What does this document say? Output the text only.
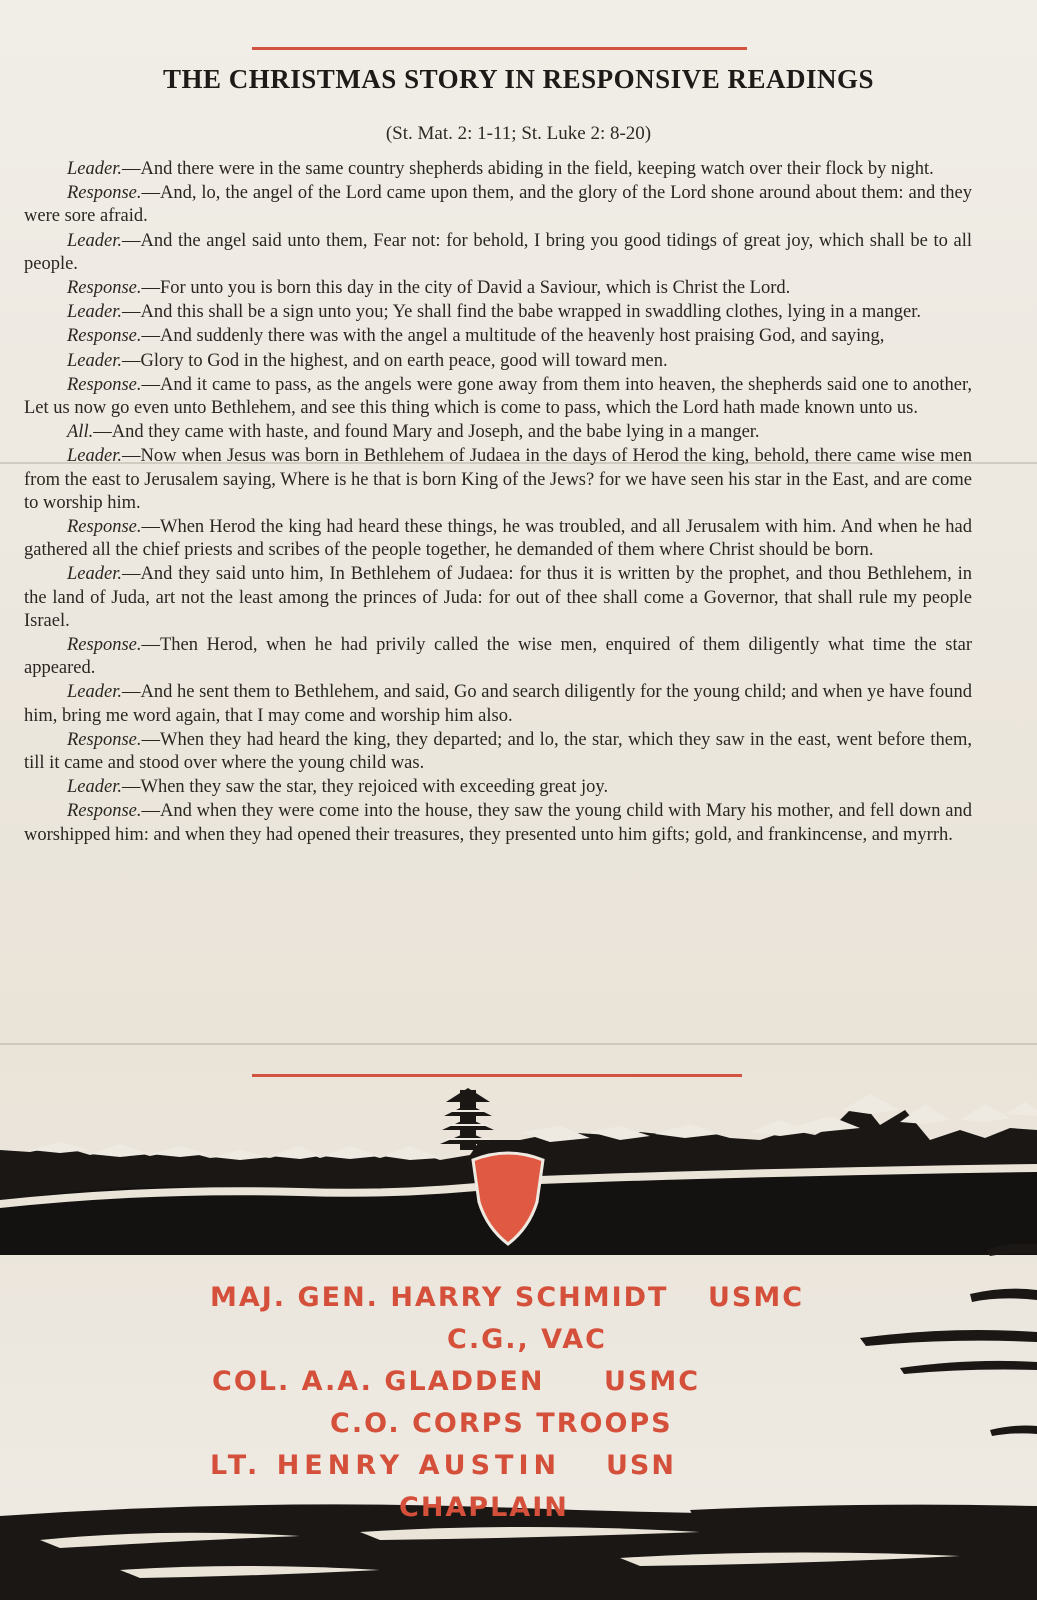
THE CHRISTMAS STORY IN RESPONSIVE READINGS
(St. Mat. 2: 1-11; St. Luke 2: 8-20)

Leader.—And there were in the same country shepherds abiding in the field, keeping watch over their flock by night.

Response.—And, lo, the angel of the Lord came upon them, and the glory of the Lord shone around about them: and they were sore afraid.

Leader.—And the angel said unto them, Fear not: for behold, I bring you good tidings of great joy, which shall be to all people.

Response.—For unto you is born this day in the city of David a Saviour, which is Christ the Lord.

Leader.—And this shall be a sign unto you; Ye shall find the babe wrapped in swaddling clothes, lying in a manger.

Response.—And suddenly there was with the angel a multitude of the heavenly host praising God, and saying,

Leader.—Glory to God in the highest, and on earth peace, good will toward men.

Response.—And it came to pass, as the angels were gone away from them into heaven, the shepherds said one to another, Let us now go even unto Bethlehem, and see this thing which is come to pass, which the Lord hath made known unto us.

All.—And they came with haste, and found Mary and Joseph, and the babe lying in a manger.

Leader.—Now when Jesus was born in Bethlehem of Judaea in the days of Herod the king, behold, there came wise men from the east to Jerusalem saying, Where is he that is born King of the Jews? for we have seen his star in the East, and are come to worship him.

Response.—When Herod the king had heard these things, he was troubled, and all Jerusalem with him. And when he had gathered all the chief priests and scribes of the people together, he demanded of them where Christ should be born.

Leader.—And they said unto him, In Bethlehem of Judaea: for thus it is written by the prophet, and thou Bethlehem, in the land of Juda, art not the least among the princes of Juda: for out of thee shall come a Governor, that shall rule my people Israel.

Response.—Then Herod, when he had privily called the wise men, enquired of them diligently what time the star appeared.

Leader.—And he sent them to Bethlehem, and said, Go and search diligently for the young child; and when ye have found him, bring me word again, that I may come and worship him also.

Response.—When they had heard the king, they departed; and lo, the star, which they saw in the east, went before them, till it came and stood over where the young child was.

Leader.—When they saw the star, they rejoiced with exceeding great joy.

Response.—And when they were come into the house, they saw the young child with Mary his mother, and fell down and worshipped him: and when they had opened their treasures, they presented unto him gifts; gold, and frankincense, and myrrh.

MAJ. GEN. HARRY SCHMIDT USMC
C.G., VAC
COL. A.A. GLADDEN USMC
C.O. CORPS TROOPS
LT. HENRY AUSTIN USN
CHAPLAIN
